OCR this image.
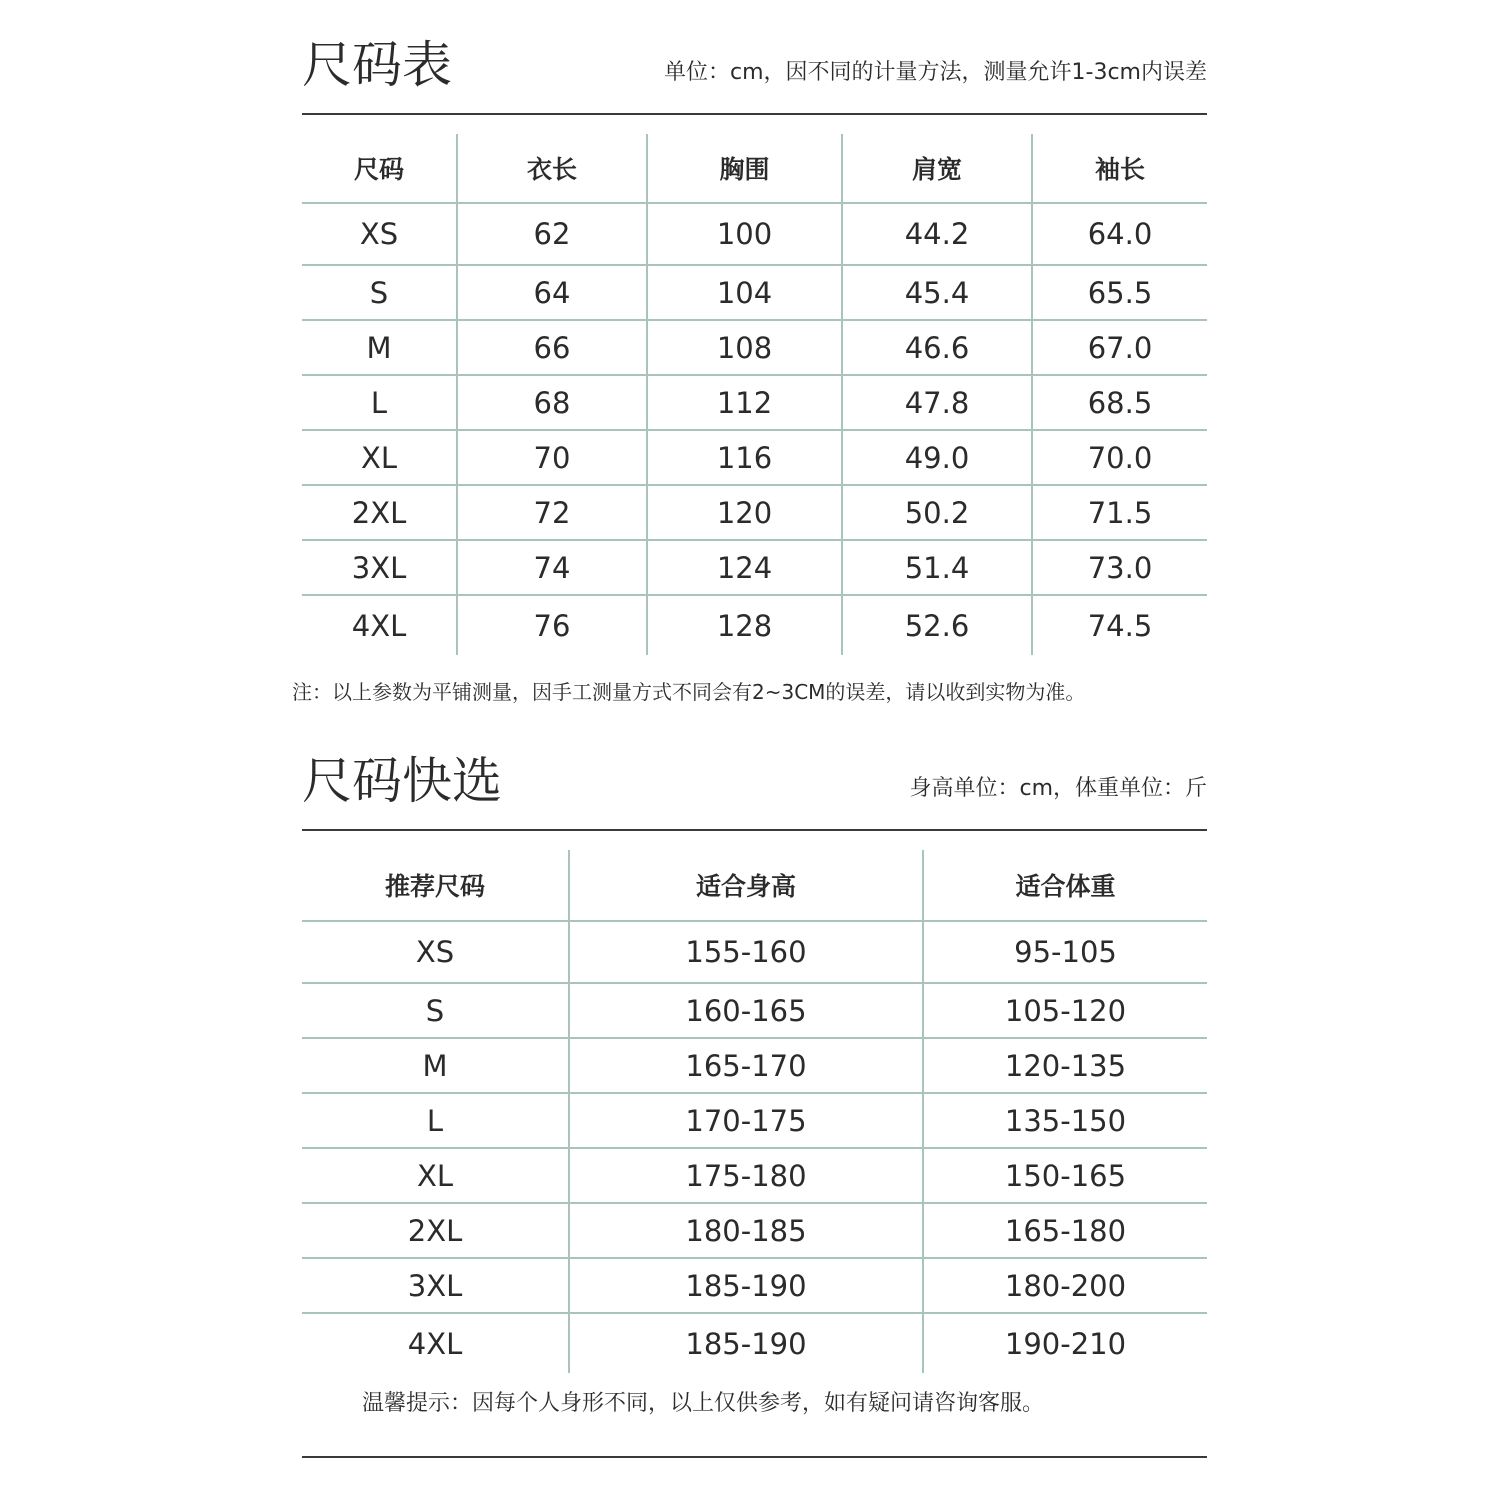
尺码表	单位：cm，因不同的计量方法，测量允许1-3cm内误差
尺码	衣长	胸围	肩宽	袖长
XS	62	100	44.2	64.0
S	64	104	45.4	65.5
M	66	108	46.6	67.0
L	68	112	47.8	68.5
XL	70	116	49.0	70.0
2XL	72	120	50.2	71.5
3XL	74	124	51.4	73.0
4XL	76	128	52.6	74.5
注：以上参数为平铺测量，因手工测量方式不同会有2~3CM的误差，请以收到实物为准。
尺码快选	身高单位：cm，体重单位：斤
推荐尺码	适合身高	适合体重
XS	155-160	95-105
S	160-165	105-120
M	165-170	120-135
L	170-175	135-150
XL	175-180	150-165
2XL	180-185	165-180
3XL	185-190	180-200
4XL	185-190	190-210
温馨提示：因每个人身形不同，以上仅供参考，如有疑问请咨询客服。
